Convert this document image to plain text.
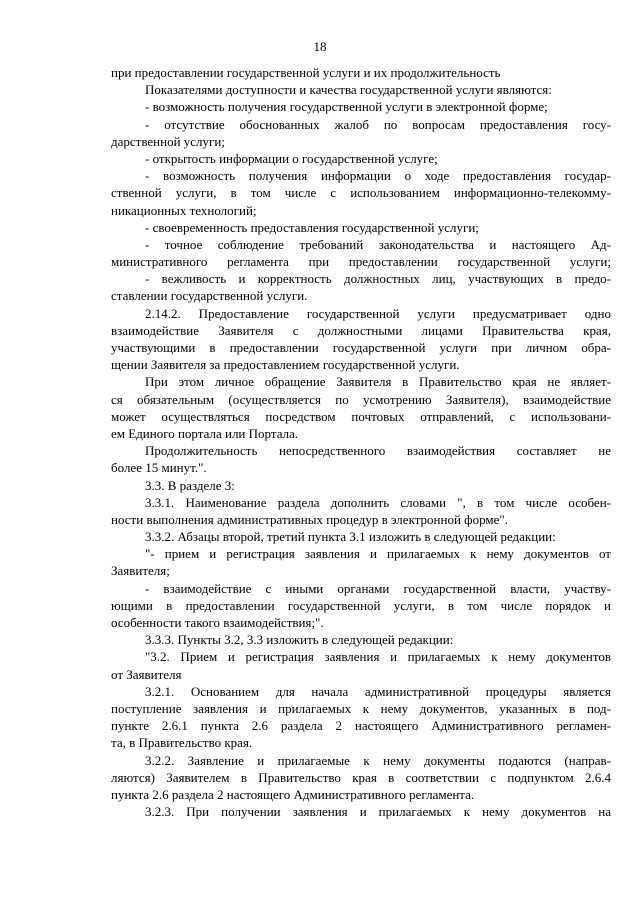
18
при предоставлении государственной услуги и их продолжительность
Показателями доступности и качества государственной услуги являются:
- возможность получения государственной услуги в электронной форме;
- отсутствие обоснованных жалоб по вопросам предоставления госу-
дарственной услуги;
- открытость информации о государственной услуге;
- возможность получения информации о ходе предоставления государ-
ственной услуги, в том числе с использованием информационно-телекомму-
никационных технологий;
- своевременность предоставления государственной услуги;
- точное соблюдение требований законодательства и настоящего Ад-
министративного регламента при предоставлении государственной услуги;
- вежливость и корректность должностных лиц, участвующих в предо-
ставлении государственной услуги.
2.14.2. Предоставление государственной услуги предусматривает одно
взаимодействие Заявителя с должностными лицами Правительства края,
участвующими в предоставлении государственной услуги при личном обра-
щении Заявителя за предоставлением государственной услуги.
При этом личное обращение Заявителя в Правительство края не являет-
ся обязательным (осуществляется по усмотрению Заявителя), взаимодействие
может осуществляться посредством почтовых отправлений, с использовани-
ем Единого портала или Портала.
Продолжительность непосредственного взаимодействия составляет не
более 15 минут.".
3.3. В разделе 3:
3.3.1. Наименование раздела дополнить словами ", в том числе особен-
ности выполнения административных процедур в электронной форме".
3.3.2. Абзацы второй, третий пункта 3.1 изложить в следующей редакции:
"- прием и регистрация заявления и прилагаемых к нему документов от
Заявителя;
- взаимодействие с иными органами государственной власти, участву-
ющими в предоставлении государственной услуги, в том числе порядок и
особенности такого взаимодействия;".
3.3.3. Пункты 3.2, 3.3 изложить в следующей редакции:
"3.2. Прием и регистрация заявления и прилагаемых к нему документов
от Заявителя
3.2.1. Основанием для начала административной процедуры является
поступление заявления и прилагаемых к нему документов, указанных в под-
пункте 2.6.1 пункта 2.6 раздела 2 настоящего Административного регламен-
та, в Правительство края.
3.2.2. Заявление и прилагаемые к нему документы подаются (направ-
ляются) Заявителем в Правительство края в соответствии с подпунктом 2.6.4
пункта 2.6 раздела 2 настоящего Административного регламента.
3.2.3. При получении заявления и прилагаемых к нему документов на
